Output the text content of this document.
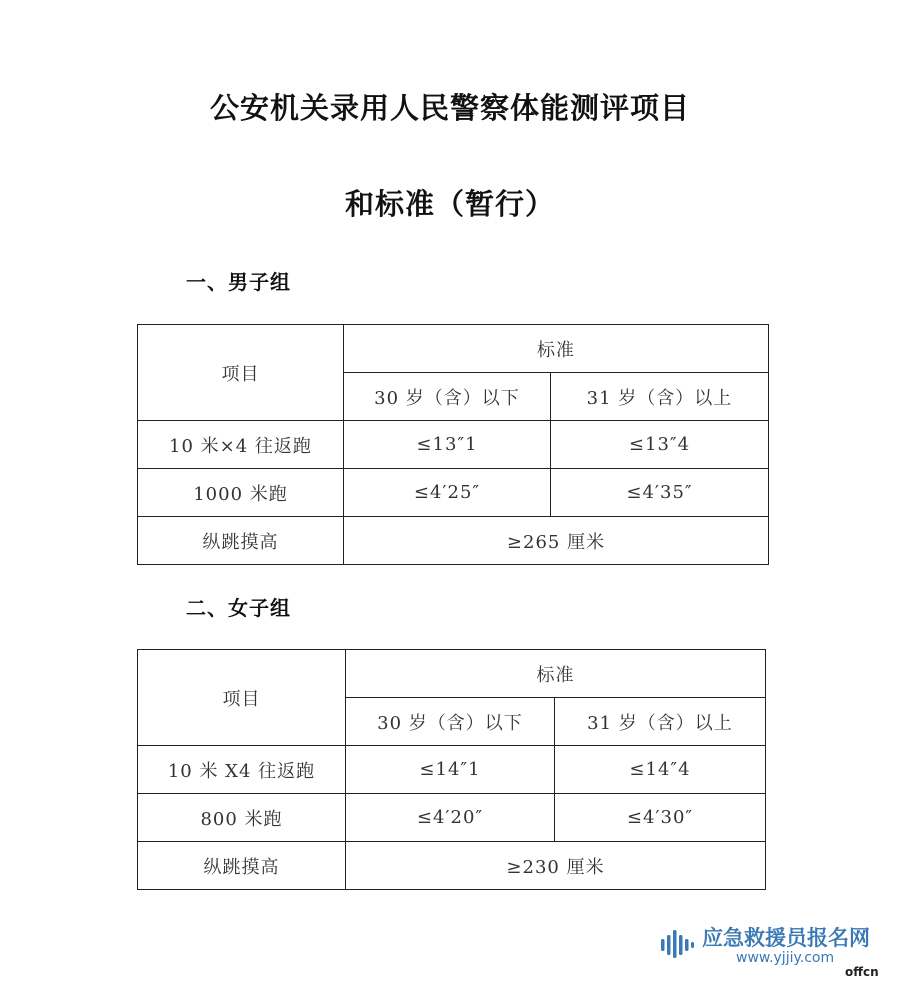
公安机关录用人民警察体能测评项目
和标准（暂行）
一、男子组
项目	标准	
	30 岁（含）以下	31 岁（含）以上
10 米×4 往返跑	≤13″1	≤13″4
1000 米跑	≤4′25″	≤4′35″
纵跳摸高	≥265 厘米	
二、女子组
项目	标准	
	30 岁（含）以下	31 岁（含）以上
10 米 X4 往返跑	≤14″1	≤14″4
800 米跑	≤4′20″	≤4′30″
纵跳摸高	≥230 厘米	
应急救援员报名网
www.yjjiy.com
offcn
